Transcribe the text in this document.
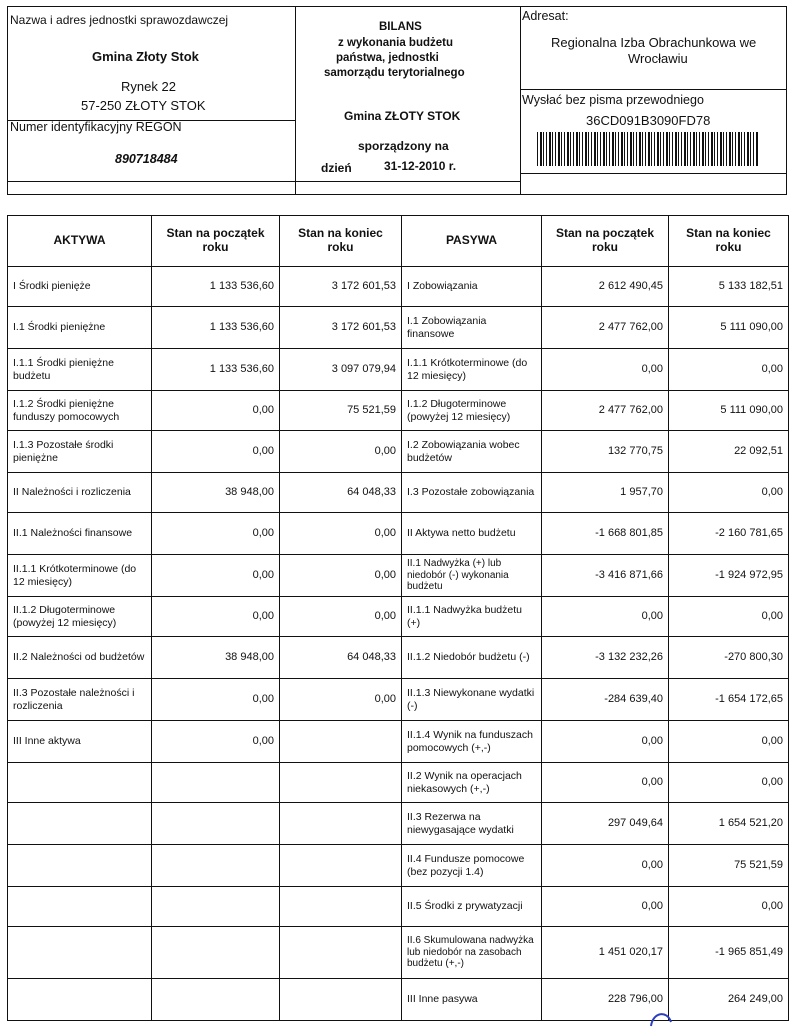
Nazwa i adres jednostki sprawozdawczej
Gmina Złoty Stok
Rynek 22
57-250 ZŁOTY STOK
Numer identyfikacyjny REGON
890718484
BILANS
z wykonania budżetu
państwa, jednostki
samorządu terytorialnego
Gmina ZŁOTY STOK
sporządzony na
dzień	31-12-2010 r.
Adresat:
Regionalna Izba Obrachunkowa we
Wrocławiu
Wysłać bez pisma przewodniego
36CD091B3090FD78
AKTYWA	Stan na początek roku	Stan na koniec roku	PASYWA	Stan na początek roku	Stan na koniec roku
I Środki pienięże	1 133 536,60	3 172 601,53	I Zobowiązania	2 612 490,45	5 133 182,51
I.1 Środki pieniężne	1 133 536,60	3 172 601,53	I.1 Zobowiązania finansowe	2 477 762,00	5 111 090,00
I.1.1 Środki pieniężne budżetu	1 133 536,60	3 097 079,94	I.1.1 Krótkoterminowe (do 12 miesięcy)	0,00	0,00
I.1.2 Środki pieniężne funduszy pomocowych	0,00	75 521,59	I.1.2 Długoterminowe (powyżej 12 miesięcy)	2 477 762,00	5 111 090,00
I.1.3 Pozostałe środki pieniężne	0,00	0,00	I.2 Zobowiązania wobec budżetów	132 770,75	22 092,51
II Należności i rozliczenia	38 948,00	64 048,33	I.3 Pozostałe zobowiązania	1 957,70	0,00
II.1 Należności finansowe	0,00	0,00	II Aktywa netto budżetu	-1 668 801,85	-2 160 781,65
II.1.1 Krótkoterminowe (do 12 miesięcy)	0,00	0,00	II.1 Nadwyżka (+) lub niedobór (-) wykonania budżetu	-3 416 871,66	-1 924 972,95
II.1.2 Długoterminowe (powyżej 12 miesięcy)	0,00	0,00	II.1.1 Nadwyżka budżetu (+)	0,00	0,00
II.2 Należności od budżetów	38 948,00	64 048,33	II.1.2 Niedobór budżetu (-)	-3 132 232,26	-270 800,30
II.3 Pozostałe należności i rozliczenia	0,00	0,00	II.1.3 Niewykonane wydatki (-)	-284 639,40	-1 654 172,65
III Inne aktywa	0,00		II.1.4 Wynik na funduszach pomocowych (+,-)	0,00	0,00
			II.2 Wynik na operacjach niekasowych (+,-)	0,00	0,00
			II.3 Rezerwa na niewygasające wydatki	297 049,64	1 654 521,20
			II.4 Fundusze pomocowe (bez pozycji 1.4)	0,00	75 521,59
			II.5 Środki z prywatyzacji	0,00	0,00
			II.6 Skumulowana nadwyżka lub niedobór na zasobach budżetu (+,-)	1 451 020,17	-1 965 851,49
			III Inne pasywa	228 796,00	264 249,00
